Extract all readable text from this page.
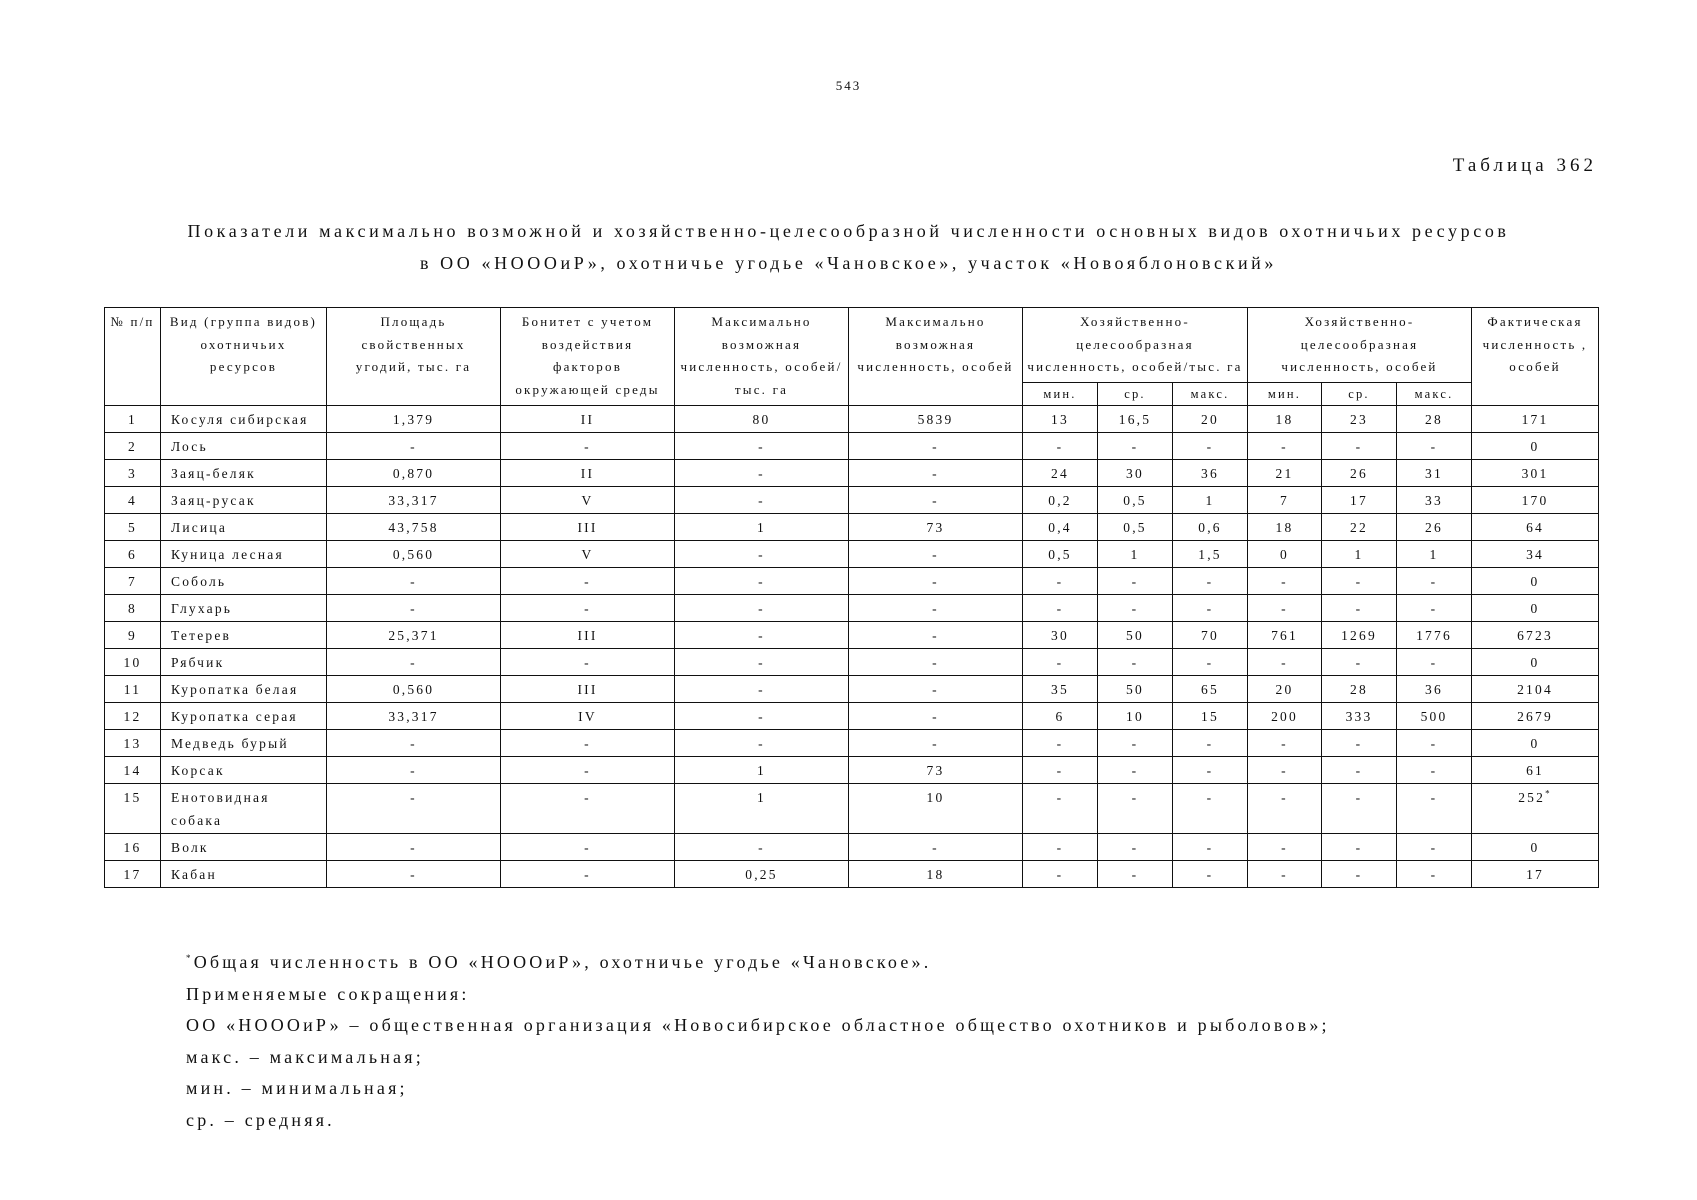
543
Таблица 362
Показатели максимально возможной и хозяйственно-целесообразной численности основных видов охотничьих ресурсов
в ОО «НОООиР», охотничье угодье «Чановское», участок «Новояблоновский»
№ п/п	Вид (группа видов) охотничьих ресурсов	Площадь свойственных угодий, тыс. га	Бонитет с учетом воздействия факторов окружающей среды	Максимально возможная численность, особей/тыс. га	Максимально возможная численность, особей	Хозяйственно-целесообразная численность, особей/тыс. га			Хозяйственно-целесообразная численность, особей			Фактическая численность , особей
						мин.	ср.	макс.	мин.	ср.	макс.	
1	Косуля сибирская	1,379	II	80	5839	13	16,5	20	18	23	28	171
2	Лось	-	-	-	-	-	-	-	-	-	-	0
3	Заяц-беляк	0,870	II	-	-	24	30	36	21	26	31	301
4	Заяц-русак	33,317	V	-	-	0,2	0,5	1	7	17	33	170
5	Лисица	43,758	III	1	73	0,4	0,5	0,6	18	22	26	64
6	Куница лесная	0,560	V	-	-	0,5	1	1,5	0	1	1	34
7	Соболь	-	-	-	-	-	-	-	-	-	-	0
8	Глухарь	-	-	-	-	-	-	-	-	-	-	0
9	Тетерев	25,371	III	-	-	30	50	70	761	1269	1776	6723
10	Рябчик	-	-	-	-	-	-	-	-	-	-	0
11	Куропатка белая	0,560	III	-	-	35	50	65	20	28	36	2104
12	Куропатка серая	33,317	IV	-	-	6	10	15	200	333	500	2679
13	Медведь бурый	-	-	-	-	-	-	-	-	-	-	0
14	Корсак	-	-	1	73	-	-	-	-	-	-	61
15	Енотовидная собака	-	-	1	10	-	-	-	-	-	-	252*
16	Волк	-	-	-	-	-	-	-	-	-	-	0
17	Кабан	-	-	0,25	18	-	-	-	-	-	-	17
*Общая численность в ОО «НОООиР», охотничье угодье «Чановское».
Применяемые сокращения:
ОО «НОООиР» – общественная организация «Новосибирское областное общество охотников и рыболовов»;
макс. – максимальная;
мин. – минимальная;
ср. – средняя.
